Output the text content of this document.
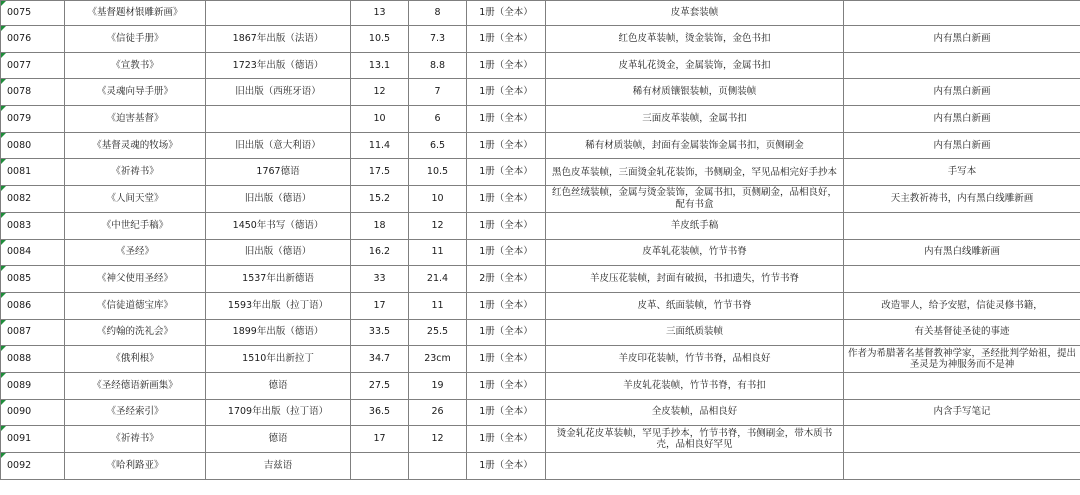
0075	《基督题材银雕新画》		13	8	1册（全本）	皮革套装帧	
0076	《信徒手册》	1867年出版（法语）	10.5	7.3	1册（全本）	红色皮革装帧，烫金装饰，金色书扣	内有黑白新画
0077	《宣教书》	1723年出版（德语）	13.1	8.8	1册（全本）	皮革轧花烫金，金属装饰，金属书扣	
0078	《灵魂向导手册》	旧出版（西班牙语）	12	7	1册（全本）	稀有材质镶银装帧，页侧装帧	内有黑白新画
0079	《迫害基督》		10	6	1册（全本）	三面皮革装帧，金属书扣	内有黑白新画
0080	《基督灵魂的牧场》	旧出版（意大利语）	11.4	6.5	1册（全本）	稀有材质装帧，封面有金属装饰金属书扣，页侧刷金	内有黑白新画
0081	《祈祷书》	1767德语	17.5	10.5	1册（全本）	黑色皮革装帧，三面烫金轧花装饰，书侧刷金，罕见品相完好手抄本	手写本
0082	《人间天堂》	旧出版（德语）	15.2	10	1册（全本）	红色丝绒装帧，金属与烫金装饰，金属书扣，页侧刷金，品相良好，配有书盒	天主教祈祷书，内有黑白线雕新画
0083	《中世纪手稿》	1450年书写（德语）	18	12	1册（全本）	羊皮纸手稿	
0084	《圣经》	旧出版（德语）	16.2	11	1册（全本）	皮革轧花装帧，竹节书脊	内有黑白线雕新画
0085	《神父使用圣经》	1537年出新德语	33	21.4	2册（全本）	羊皮压花装帧，封面有破损，书扣遗失，竹节书脊	
0086	《信徒道德宝库》	1593年出版（拉丁语）	17	11	1册（全本）	皮革、纸面装帧，竹节书脊	改造罪人，给予安慰，信徒灵修书籍，
0087	《约翰的洗礼会》	1899年出版（德语）	33.5	25.5	1册（全本）	三面纸质装帧	有关基督徒圣徒的事迹
0088	《俄利根》	1510年出新拉丁	34.7	23cm	1册（全本）	羊皮印花装帧，竹节书脊，品相良好	作者为希腊著名基督教神学家，圣经批判学始祖，提出圣灵是为神服务而不是神
0089	《圣经德语新画集》	德语	27.5	19	1册（全本）	羊皮轧花装帧，竹节书脊，有书扣	
0090	《圣经索引》	1709年出版（拉丁语）	36.5	26	1册（全本）	全皮装帧，品相良好	内含手写笔记
0091	《祈祷书》	德语	17	12	1册（全本）	烫金轧花皮革装帧，罕见手抄本，竹节书脊，书侧刷金，带木质书壳，品相良好罕见	
0092	《哈利路亚》	吉兹语			1册（全本）		
